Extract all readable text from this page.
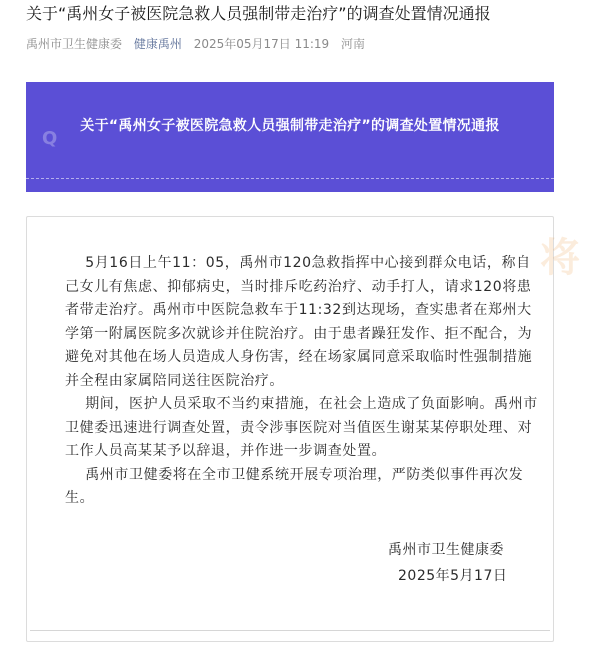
关于“禹州女子被医院急救人员强制带走治疗”的调查处置情况通报
禹州市卫生健康委 健康禹州 2025年05月17日 11:19 河南
关于“禹州女子被医院急救人员强制带走治疗”的调查处置情况通报
Q
将

5月16日上午11：05，禹州市120急救指挥中心接到群众电话，称自

己女儿有焦虑、抑郁病史，当时排斥吃药治疗、动手打人，请求120将患

者带走治疗。禹州市中医院急救车于11:32到达现场，查实患者在郑州大

学第一附属医院多次就诊并住院治疗。由于患者躁狂发作、拒不配合，为

避免对其他在场人员造成人身伤害，经在场家属同意采取临时性强制措施

并全程由家属陪同送往医院治疗。

期间，医护人员采取不当约束措施，在社会上造成了负面影响。禹州市

卫健委迅速进行调查处置，责令涉事医院对当值医生谢某某停职处理、对

工作人员高某某予以辞退，并作进一步调查处置。

禹州市卫健委将在全市卫健系统开展专项治理，严防类似事件再次发

生。

禹州市卫生健康委
2025年5月17日
